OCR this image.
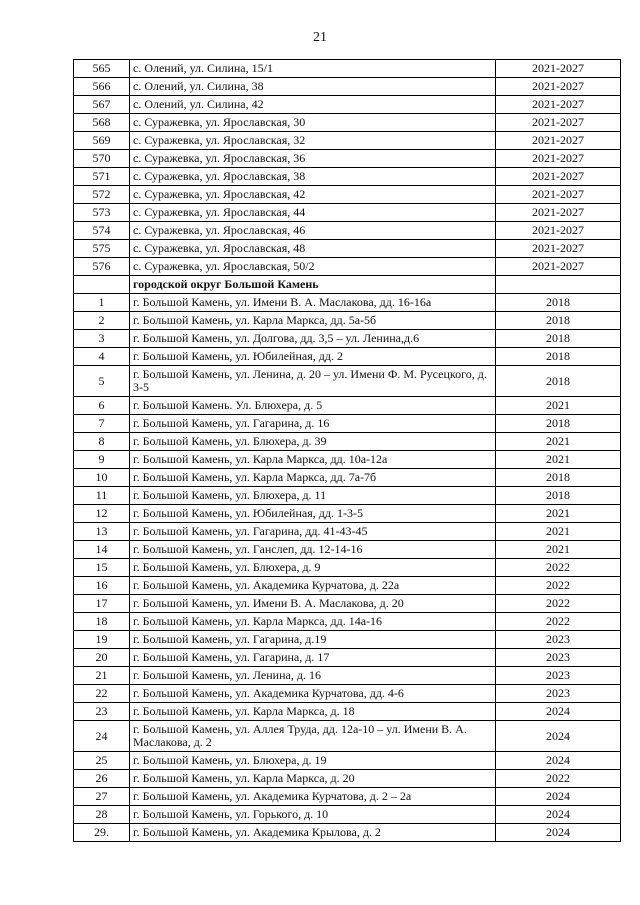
21
565	с. Олений, ул. Силина, 15/1	2021-2027
566	с. Олений, ул. Силина, 38	2021-2027
567	с. Олений, ул. Силина, 42	2021-2027
568	с. Суражевка, ул. Ярославская, 30	2021-2027
569	с. Суражевка, ул. Ярославская, 32	2021-2027
570	с. Суражевка, ул. Ярославская, 36	2021-2027
571	с. Суражевка, ул. Ярославская, 38	2021-2027
572	с. Суражевка, ул. Ярославская, 42	2021-2027
573	с. Суражевка, ул. Ярославская, 44	2021-2027
574	с. Суражевка, ул. Ярославская, 46	2021-2027
575	с. Суражевка, ул. Ярославская, 48	2021-2027
576	с. Суражевка, ул. Ярославская, 50/2	2021-2027
	городской округ Большой Камень	
1	г. Большой Камень, ул. Имени В. А. Маслакова, дд. 16-16а	2018
2	г. Большой Камень, ул. Карла Маркса, дд. 5а-5б	2018
3	г. Большой Камень, ул. Долгова, дд. 3,5 – ул. Ленина,д.6	2018
4	г. Большой Камень, ул. Юбилейная, дд. 2	2018
5	г. Большой Камень, ул. Ленина, д. 20 – ул. Имени Ф. М. Русецкого, д. 3-5	2018
6	г. Большой Камень. Ул. Блюхера, д. 5	2021
7	г. Большой Камень, ул. Гагарина, д. 16	2018
8	г. Большой Камень, ул. Блюхера, д. 39	2021
9	г. Большой Камень, ул. Карла Маркса, дд. 10а-12а	2021
10	г. Большой Камень, ул. Карла Маркса, дд. 7а-7б	2018
11	г. Большой Камень, ул. Блюхера, д. 11	2018
12	г. Большой Камень, ул. Юбилейная, дд. 1-3-5	2021
13	г. Большой Камень, ул. Гагарина, дд. 41-43-45	2021
14	г. Большой Камень, ул. Ганслеп, дд. 12-14-16	2021
15	г. Большой Камень, ул. Блюхера, д. 9	2022
16	г. Большой Камень, ул. Академика Курчатова, д. 22а	2022
17	г. Большой Камень, ул. Имени В. А. Маслакова, д. 20	2022
18	г. Большой Камень, ул. Карла Маркса, дд. 14а-16	2022
19	г. Большой Камень, ул. Гагарина, д.19	2023
20	г. Большой Камень, ул. Гагарина, д. 17	2023
21	г. Большой Камень, ул. Ленина, д. 16	2023
22	г. Большой Камень, ул. Академика Курчатова, дд. 4-6	2023
23	г. Большой Камень, ул. Карла Маркса, д. 18	2024
24	г. Большой Камень, ул. Аллея Труда, дд. 12а-10 – ул. Имени В. А. Маслакова, д. 2	2024
25	г. Большой Камень, ул. Блюхера, д. 19	2024
26	г. Большой Камень, ул. Карла Маркса, д. 20	2022
27	г. Большой Камень, ул. Академика Курчатова, д. 2 – 2а	2024
28	г. Большой Камень, ул. Горького, д. 10	2024
29.	г. Большой Камень, ул. Академика Крылова, д. 2	2024
